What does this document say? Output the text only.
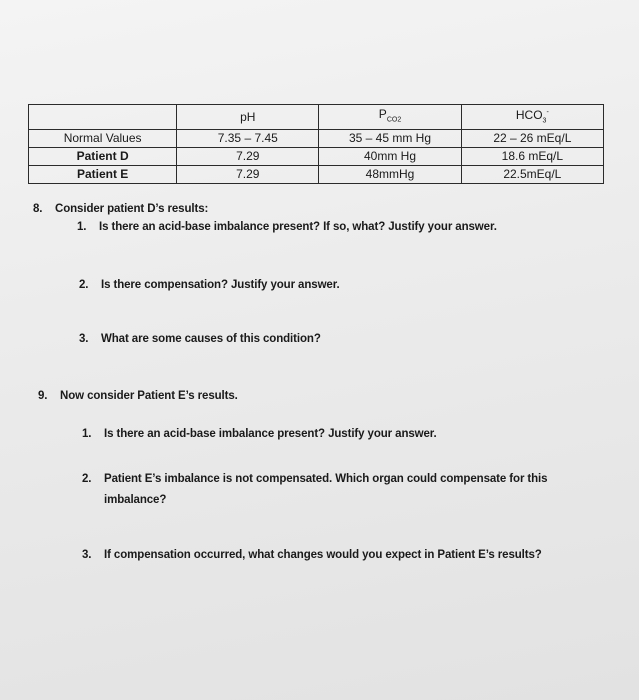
	pH	$P_{CO2}$	$HCO_3^-$
Normal Values	7.35 – 7.45	35 – 45 mm Hg	22 – 26 mEq/L
Patient D	7.29	40mm Hg	18.6 mEq/L
Patient E	7.29	48mmHg	22.5mEq/L
8. Consider patient D’s results:
1. Is there an acid-base imbalance present? If so, what? Justify your answer.
2. Is there compensation? Justify your answer.
3. What are some causes of this condition?
9. Now consider Patient E’s results.
1. Is there an acid-base imbalance present? Justify your answer.
2. Patient E’s imbalance is not compensated. Which organ could compensate for this
imbalance?
3. If compensation occurred, what changes would you expect in Patient E’s results?
